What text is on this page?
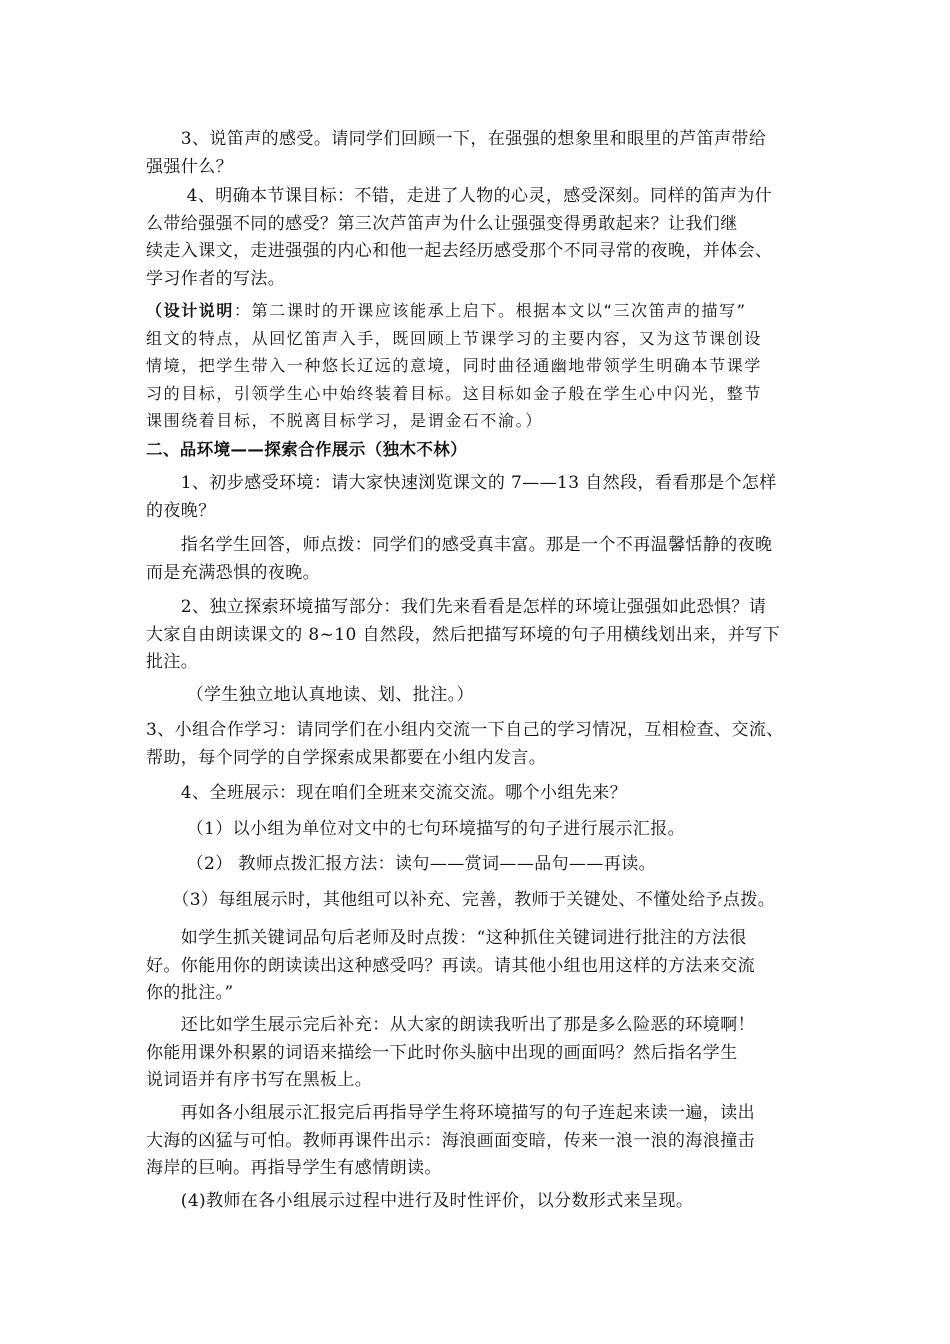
　　3、说笛声的感受。请同学们回顾一下，在强强的想象里和眼里的芦笛声带给
强强什么？
　　 4、明确本节课目标：不错，走进了人物的心灵，感受深刻。同样的笛声为什
么带给强强不同的感受？第三次芦笛声为什么让强强变得勇敢起来？让我们继
续走入课文，走进强强的内心和他一起去经历感受那个不同寻常的夜晚，并体会、
学习作者的写法。
（设计说明：第二课时的开课应该能承上启下。根据本文以“三次笛声的描写”
组文的特点，从回忆笛声入手，既回顾上节课学习的主要内容，又为这节课创设
情境，把学生带入一种悠长辽远的意境，同时曲径通幽地带领学生明确本节课学
习的目标，引领学生心中始终装着目标。这目标如金子般在学生心中闪光，整节
课围绕着目标，不脱离目标学习，是谓金石不渝。）
二、品环境——探索合作展示（独木不林）
　　1、初步感受环境：请大家快速浏览课文的 7——13 自然段，看看那是个怎样
的夜晚？
　　指名学生回答，师点拨：同学们的感受真丰富。那是一个不再温馨恬静的夜晚
而是充满恐惧的夜晚。
　　2、独立探索环境描写部分：我们先来看看是怎样的环境让强强如此恐惧？请
大家自由朗读课文的 8~10 自然段，然后把描写环境的句子用横线划出来，并写下
批注。
　　 （学生独立地认真地读、划、批注。）
3、小组合作学习：请同学们在小组内交流一下自己的学习情况，互相检查、交流、
帮助，每个同学的自学探索成果都要在小组内发言。
　　4、全班展示：现在咱们全班来交流交流。哪个小组先来？
　　 （1）以小组为单位对文中的七句环境描写的句子进行展示汇报。
　　 （2） 教师点拨汇报方法：读句——赏词——品句——再读。
　　（3）每组展示时，其他组可以补充、完善，教师于关键处、不懂处给予点拨。
　　如学生抓关键词品句后老师及时点拨：“这种抓住关键词进行批注的方法很
好。你能用你的朗读读出这种感受吗？再读。请其他小组也用这样的方法来交流
你的批注。”
　　还比如学生展示完后补充：从大家的朗读我听出了那是多么险恶的环境啊！
你能用课外积累的词语来描绘一下此时你头脑中出现的画面吗？然后指名学生
说词语并有序书写在黑板上。
　　再如各小组展示汇报完后再指导学生将环境描写的句子连起来读一遍，读出
大海的凶猛与可怕。教师再课件出示：海浪画面变暗，传来一浪一浪的海浪撞击
海岸的巨响。再指导学生有感情朗读。
　　(4)教师在各小组展示过程中进行及时性评价，以分数形式来呈现。
